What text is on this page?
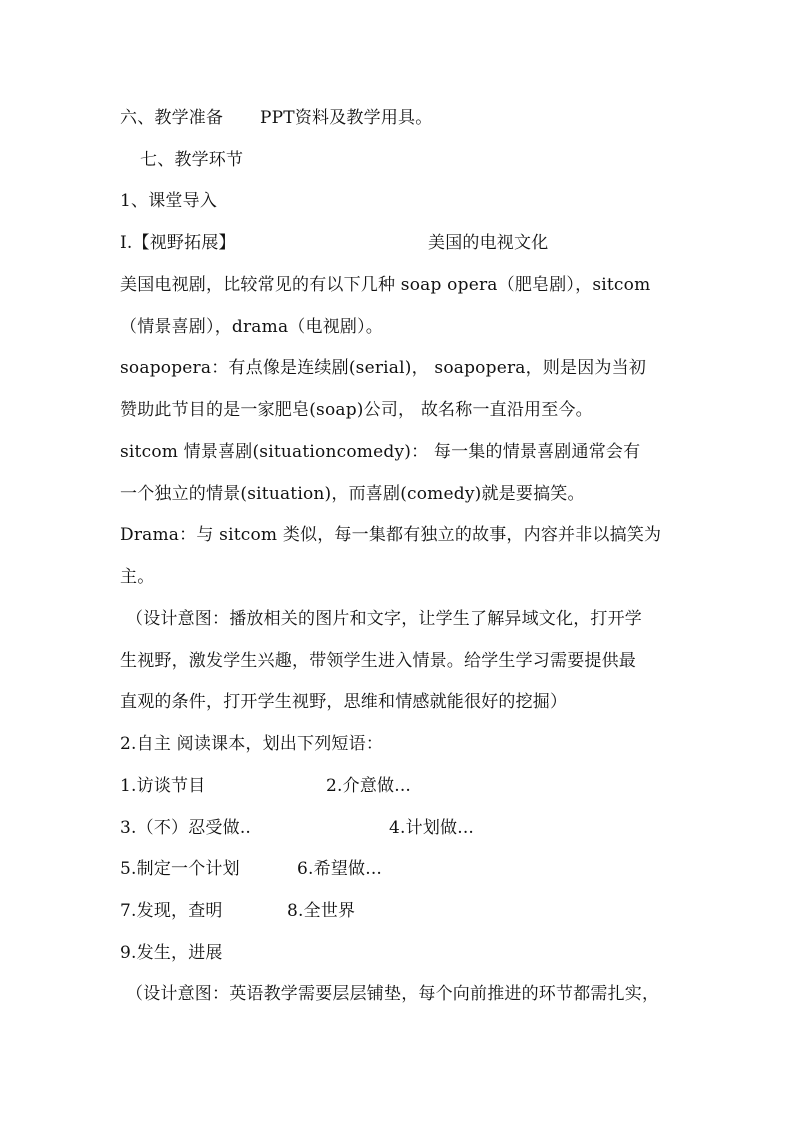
六、教学准备 PPT资料及教学用具。
七、教学环节
1、课堂导入
I.【视野拓展】	美国的电视文化
美国电视剧，比较常见的有以下几种 soap opera（肥皂剧），sitcom
（情景喜剧），drama（电视剧）。
soapopera：有点像是连续剧(serial)， soapopera，则是因为当初
赞助此节目的是一家肥皂(soap)公司， 故名称一直沿用至今。
sitcom 情景喜剧(situationcomedy)： 每一集的情景喜剧通常会有
一个独立的情景(situation)，而喜剧(comedy)就是要搞笑。
Drama：与 sitcom 类似，每一集都有独立的故事，内容并非以搞笑为
主。
（设计意图：播放相关的图片和文字，让学生了解异域文化，打开学
生视野，激发学生兴趣，带领学生进入情景。给学生学习需要提供最
直观的条件，打开学生视野，思维和情感就能很好的挖掘）
2.自主 阅读课本，划出下列短语：
1.访谈节目	2.介意做...
3.（不）忍受做..	4.计划做...
5.制定一个计划	6.希望做...
7.发现，查明	8.全世界
9.发生，进展
（设计意图：英语教学需要层层铺垫，每个向前推进的环节都需扎实，
